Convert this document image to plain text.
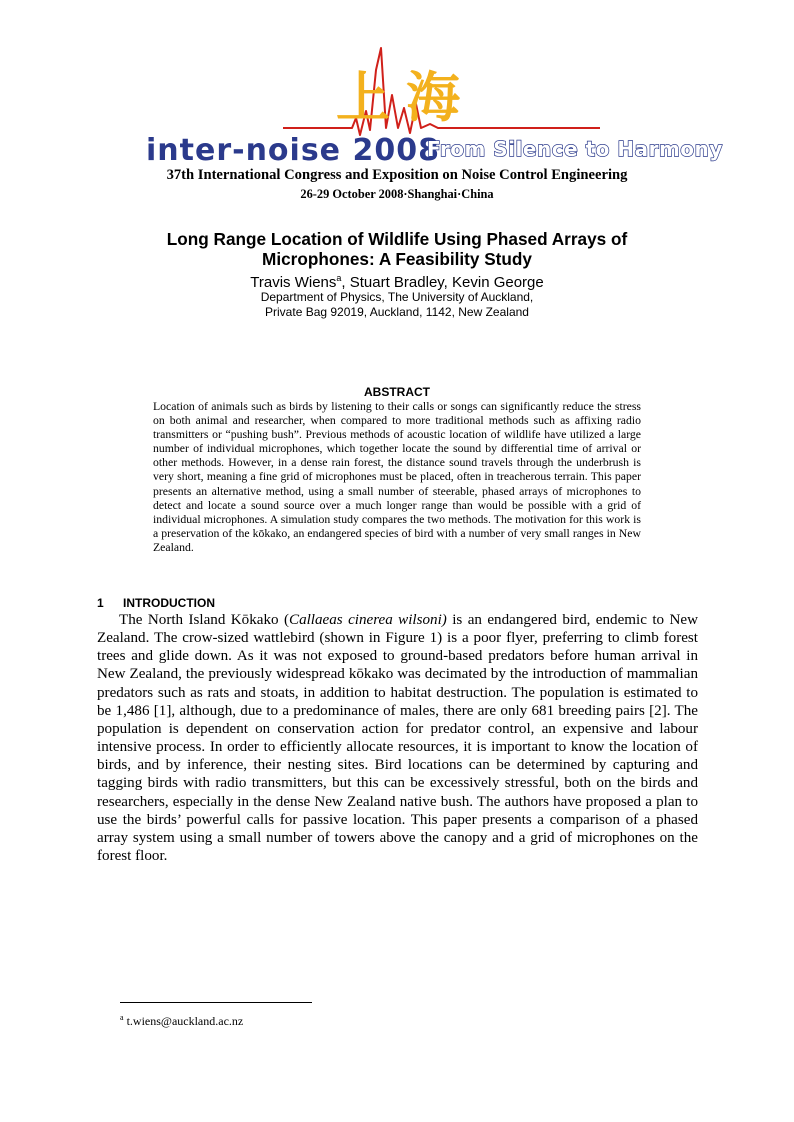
上 海
inter-noise 2008
From Silence to Harmony
37th International Congress and Exposition on Noise Control Engineering
26-29 October 2008·Shanghai·China
Long Range Location of Wildlife Using Phased Arrays of
Microphones: A Feasibility Study
Travis Wiens$^a$, Stuart Bradley, Kevin George
Department of Physics, The University of Auckland,
Private Bag 92019, Auckland, 1142, New Zealand
ABSTRACT

Location of animals such as birds by listening to their calls or songs can significantly reduce the stress on both animal and researcher, when compared to more traditional methods such as affixing radio transmitters or “pushing bush”. Previous methods of acoustic location of wildlife have utilized a large number of individual microphones, which together locate the sound by differential time of arrival or other methods. However, in a dense rain forest, the distance sound travels through the underbrush is very short, meaning a fine grid of microphones must be placed, often in treacherous terrain. This paper presents an alternative method, using a small number of steerable, phased arrays of microphones to detect and locate a sound source over a much longer range than would be possible with a grid of individual microphones. A simulation study compares the two methods. The motivation for this work is a preservation of the kōkako, an endangered species of bird with a number of very small ranges in New Zealand.

1 INTRODUCTION

The North Island Kōkako (Callaeas cinerea wilsoni) is an endangered bird, endemic to New Zealand. The crow-sized wattlebird (shown in Figure 1) is a poor flyer, preferring to climb forest trees and glide down. As it was not exposed to ground-based predators before human arrival in New Zealand, the previously widespread kōkako was decimated by the introduction of mammalian predators such as rats and stoats, in addition to habitat destruction. The population is estimated to be 1,486 [1], although, due to a predominance of males, there are only 681 breeding pairs [2]. The population is dependent on conservation action for predator control, an expensive and labour intensive process. In order to efficiently allocate resources, it is important to know the location of birds, and by inference, their nesting sites. Bird locations can be determined by capturing and tagging birds with radio transmitters, but this can be excessively stressful, both on the birds and researchers, especially in the dense New Zealand native bush. The authors have proposed a plan to use the birds’ powerful calls for passive location. This paper presents a comparison of a phased array system using a small number of towers above the canopy and a grid of microphones on the forest floor.

$^a$ t.wiens@auckland.ac.nz
